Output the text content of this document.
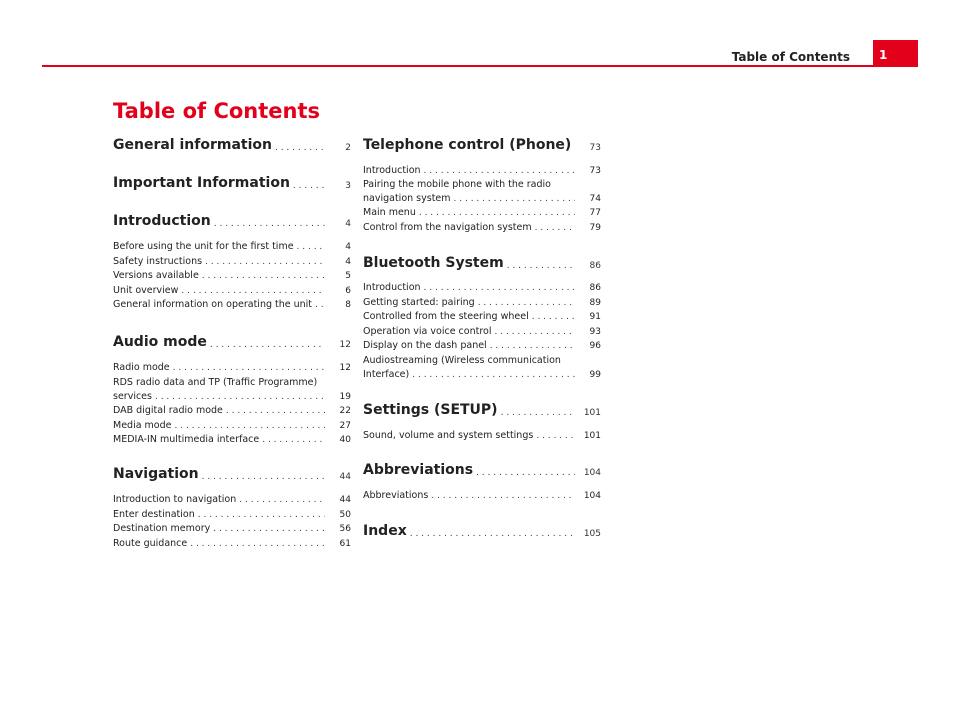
Table of Contents 1
Table of Contents
General information . . .	2
Important Information . . .	3
Introduction . . .	4
Before using the unit for the first time . . .	4
Safety instructions . . .	4
Versions available . . .	5
Unit overview . . .	6
General information on operating the unit . . .	8
Audio mode . . .	12
Radio mode . . .	12
RDS radio data and TP (Traffic Programme)
services . . .	19
DAB digital radio mode . . .	22
Media mode . . .	27
MEDIA-IN multimedia interface . . .	40
Navigation . . .	44
Introduction to navigation . . .	44
Enter destination . . .	50
Destination memory . . .	56
Route guidance . . .	61
Telephone control (Phone) . . .	73
Introduction . . .	73
Pairing the mobile phone with the radio
navigation system . . .	74
Main menu . . .	77
Control from the navigation system . . .	79
Bluetooth System . . .	86
Introduction . . .	86
Getting started: pairing . . .	89
Controlled from the steering wheel . . .	91
Operation via voice control . . .	93
Display on the dash panel . . .	96
Audiostreaming (Wireless communication
Interface) . . .	99
Settings (SETUP) . . .	101
Sound, volume and system settings . . .	101
Abbreviations . . .	104
Abbreviations . . .	104
Index . . .	105
